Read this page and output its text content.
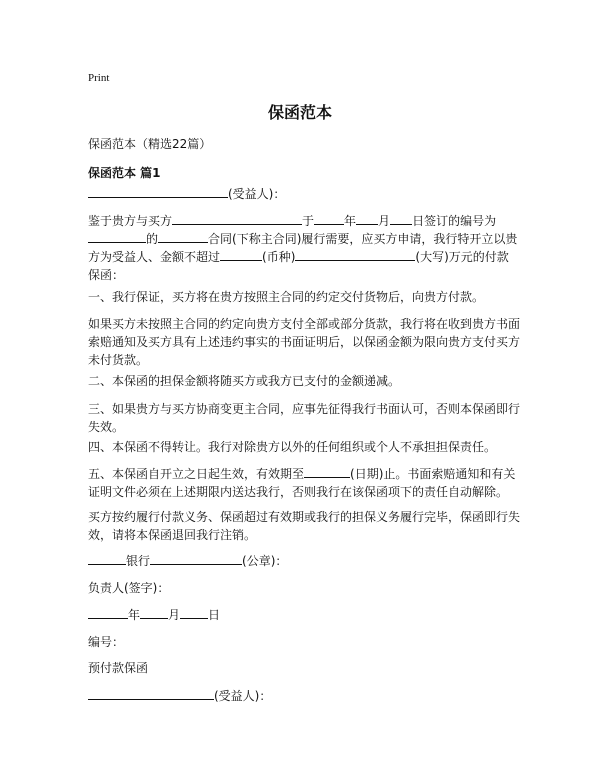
Print
保函范本
保函范本（精选22篇）
保函范本 篇1
(受益人)：
鉴于贵方与买方	于	年 月 日签订的编号为
的	合同(下称主合同)履行需要，应买方申请，我行特开立以贵方为受益人、金额不超过	(币种)	(大写)万元的付款保函：
一、我行保证，买方将在贵方按照主合同的约定交付货物后，向贵方付款。
如果买方未按照主合同的约定向贵方支付全部或部分货款，我行将在收到贵方书面索赔通知及买方具有上述违约事实的书面证明后，以保函金额为限向贵方支付买方未付货款。
二、本保函的担保金额将随买方或我方已支付的金额递减。
三、如果贵方与买方协商变更主合同，应事先征得我行书面认可，否则本保函即行失效。
四、本保函不得转让。我行对除贵方以外的任何组织或个人不承担担保责任。
五、本保函自开立之日起生效，有效期至	(日期)止。书面索赔通知和有关证明文件必须在上述期限内送达我行，否则我行在该保函项下的责任自动解除。
买方按约履行付款义务、保函超过有效期或我行的担保义务履行完毕，保函即行失效，请将本保函退回我行注销。
银行	(公章)：
负责人(签字)：
年 月 日
编号：
预付款保函
(受益人)：
